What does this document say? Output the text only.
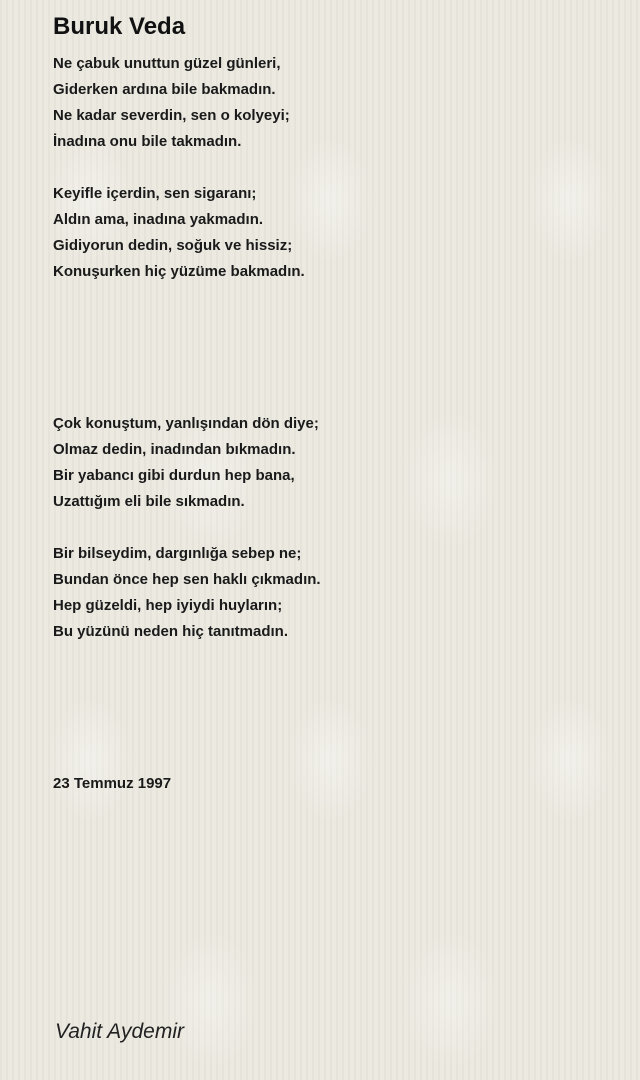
Buruk Veda
Ne çabuk unuttun güzel günleri,
Giderken ardına bile bakmadın.
Ne kadar severdin, sen o kolyeyi;
İnadına onu bile takmadın.
Keyifle içerdin, sen sigaranı;
Aldın ama, inadına yakmadın.
Gidiyorun dedin, soğuk ve hissiz;
Konuşurken hiç yüzüme bakmadın.
Çok konuştum, yanlışından dön diye;
Olmaz dedin, inadından bıkmadın.
Bir yabancı gibi durdun hep bana,
Uzattığım eli bile sıkmadın.
Bir bilseydim, dargınlığa sebep ne;
Bundan önce hep sen haklı çıkmadın.
Hep güzeldi, hep iyiydi huyların;
Bu yüzünü neden hiç tanıtmadın.
23 Temmuz 1997
Vahit Aydemir
